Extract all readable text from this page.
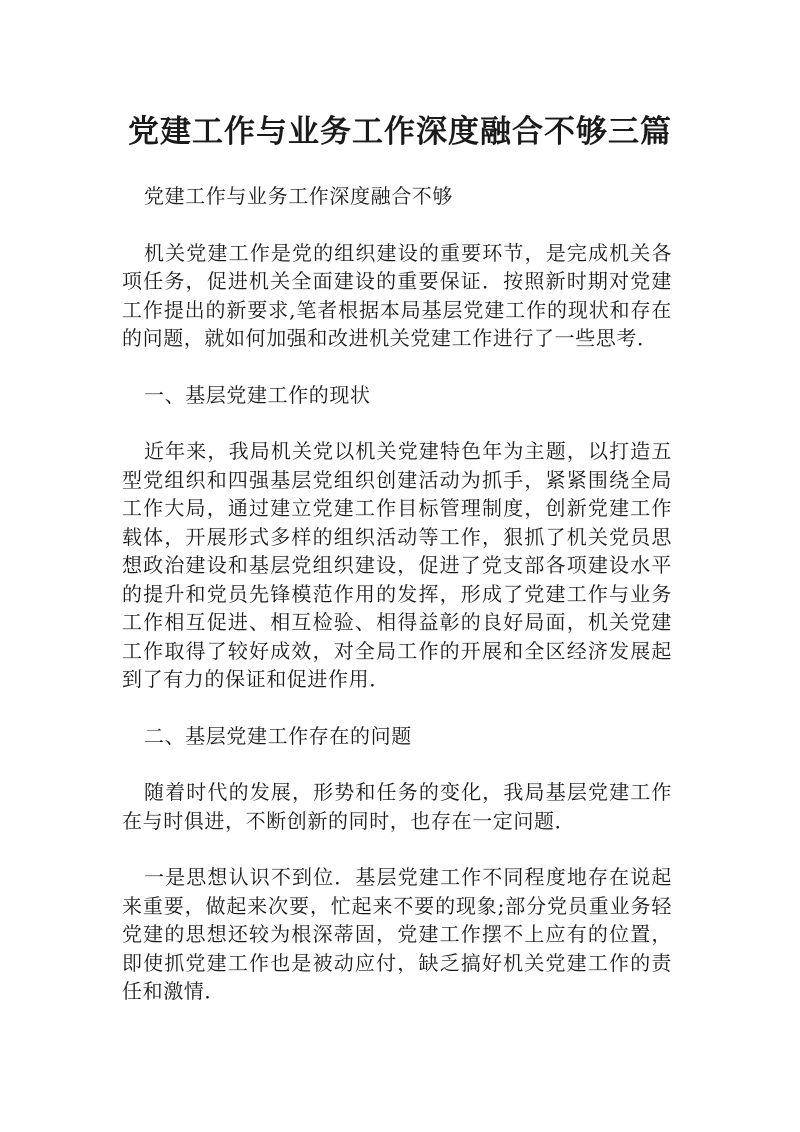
党建工作与业务工作深度融合不够三篇

党建工作与业务工作深度融合不够

机关党建工作是党的组织建设的重要环节，是完成机关各项任务，促进机关全面建设的重要保证．按照新时期对党建工作提出的新要求,笔者根据本局基层党建工作的现状和存在的问题，就如何加强和改进机关党建工作进行了一些思考．

一、基层党建工作的现状

近年来，我局机关党以机关党建特色年为主题，以打造五型党组织和四强基层党组织创建活动为抓手，紧紧围绕全局工作大局，通过建立党建工作目标管理制度，创新党建工作载体，开展形式多样的组织活动等工作，狠抓了机关党员思想政治建设和基层党组织建设，促进了党支部各项建设水平的提升和党员先锋模范作用的发挥，形成了党建工作与业务工作相互促进、相互检验、相得益彰的良好局面，机关党建工作取得了较好成效，对全局工作的开展和全区经济发展起到了有力的保证和促进作用．

二、基层党建工作存在的问题

随着时代的发展，形势和任务的变化，我局基层党建工作在与时俱进，不断创新的同时，也存在一定问题．

一是思想认识不到位．基层党建工作不同程度地存在说起来重要，做起来次要，忙起来不要的现象;部分党员重业务轻党建的思想还较为根深蒂固，党建工作摆不上应有的位置，即使抓党建工作也是被动应付，缺乏搞好机关党建工作的责任和激情．
